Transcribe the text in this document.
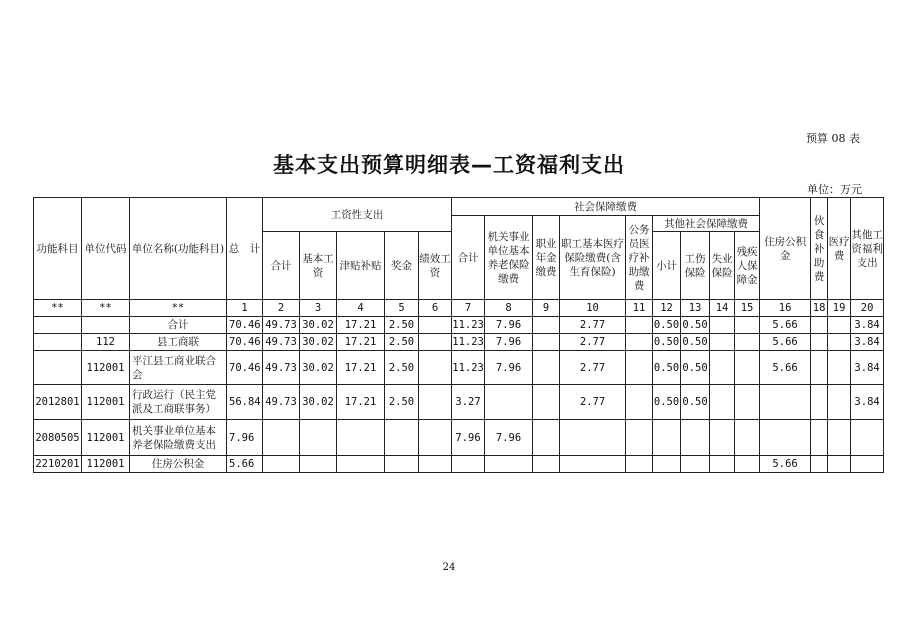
预算 08 表
基本支出预算明细表—工资福利支出
单位：万元
功能科目	单位代码	单位名称(功能科目)	总　计	工资性支出					社会保障缴费									住房公积金	伙食补助费	医疗费	其他工资福利支出
									合计	机关事业单位基本养老保险缴费	职业年金缴费	职工基本医疗保险缴费(含生育保险)	公务员医疗补助缴费	其他社会保障缴费							
				合计	基本工资	津贴补贴	奖金	绩效工资						小计	工伤保险	失业保险	残疾人保障金				
**	**	**	1	2	3	4	5	6	7	8	9	10	11	12	13	14	15	16	18	19	20
		合计	70.46	49.73	30.02	17.21	2.50		11.23	7.96		2.77		0.50	0.50			5.66			3.84
	112	县工商联	70.46	49.73	30.02	17.21	2.50		11.23	7.96		2.77		0.50	0.50			5.66			3.84
	112001	平江县工商业联合会	70.46	49.73	30.02	17.21	2.50		11.23	7.96		2.77		0.50	0.50			5.66			3.84
2012801	112001	行政运行（民主党派及工商联事务）	56.84	49.73	30.02	17.21	2.50		3.27			2.77		0.50	0.50						3.84
2080505	112001	机关事业单位基本养老保险缴费支出	7.96						7.96	7.96											
2210201	112001	住房公积金	5.66															5.66			
24
